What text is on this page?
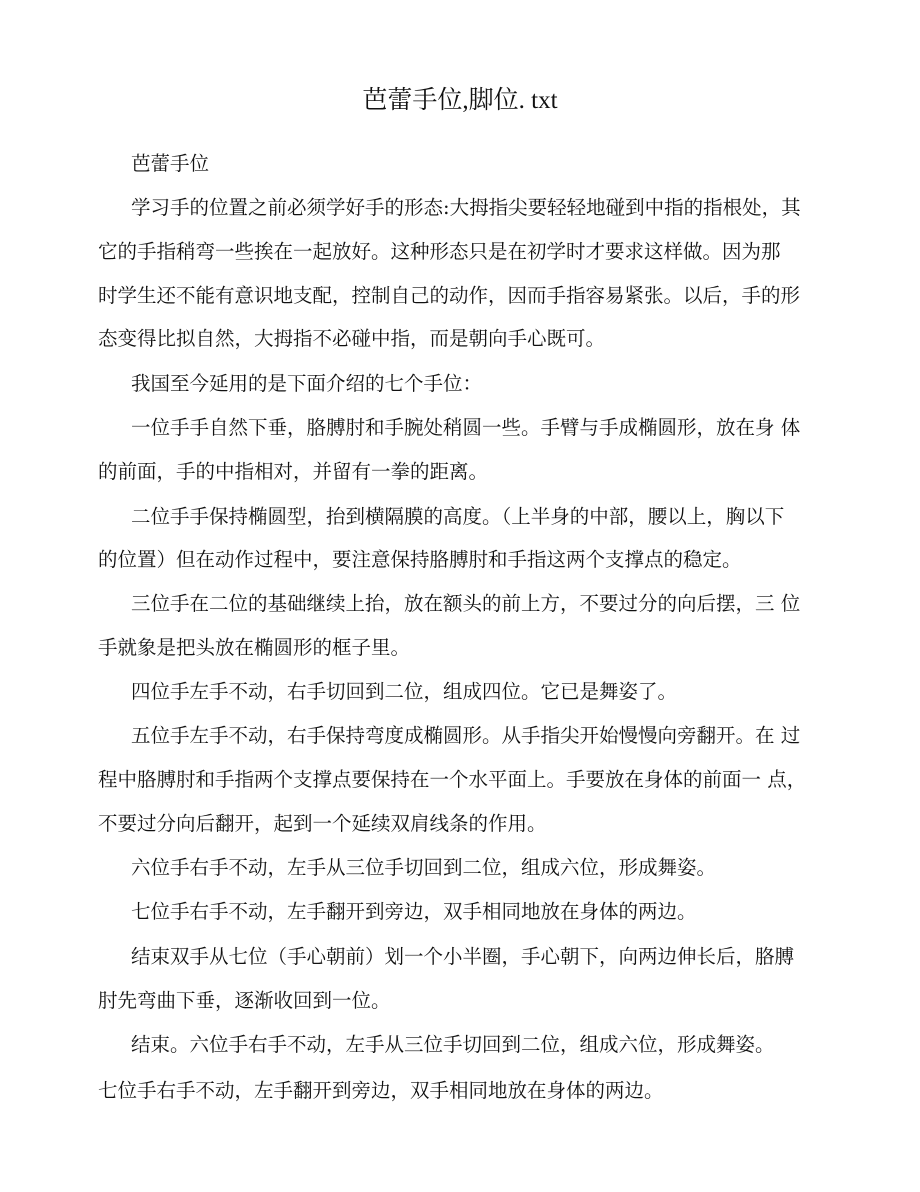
芭蕾手位,脚位. txt
芭蕾手位
学习手的位置之前必须学好手的形态:大拇指尖要轻轻地碰到中指的指根处，其
它的手指稍弯一些挨在一起放好。这种形态只是在初学时才要求这样做。因为那
时学生还不能有意识地支配，控制自己的动作，因而手指容易紧张。以后，手的形
态变得比拟自然，大拇指不必碰中指，而是朝向手心既可。
我国至今延用的是下面介绍的七个手位：
一位手手自然下垂，胳膊肘和手腕处稍圆一些。手臂与手成椭圆形，放在身 体
的前面，手的中指相对，并留有一拳的距离。
二位手手保持椭圆型，抬到横隔膜的高度。（上半身的中部，腰以上，胸以下
的位置）但在动作过程中，要注意保持胳膊肘和手指这两个支撑点的稳定。
三位手在二位的基础继续上抬，放在额头的前上方，不要过分的向后摆，三 位
手就象是把头放在椭圆形的框子里。
四位手左手不动，右手切回到二位，组成四位。它已是舞姿了。
五位手左手不动，右手保持弯度成椭圆形。从手指尖开始慢慢向旁翻开。在 过
程中胳膊肘和手指两个支撑点要保持在一个水平面上。手要放在身体的前面一 点，
不要过分向后翻开，起到一个延续双肩线条的作用。
六位手右手不动，左手从三位手切回到二位，组成六位，形成舞姿。
七位手右手不动，左手翻开到旁边，双手相同地放在身体的两边。
结束双手从七位（手心朝前）划一个小半圈，手心朝下，向两边伸长后，胳膊
肘先弯曲下垂，逐渐收回到一位。
结束。六位手右手不动，左手从三位手切回到二位，组成六位，形成舞姿。
七位手右手不动，左手翻开到旁边，双手相同地放在身体的两边。
